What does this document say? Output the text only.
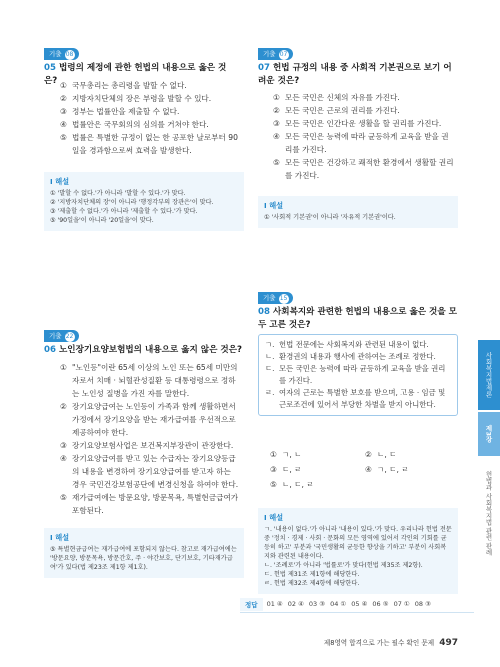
기출 08
05 법령의 제정에 관한 헌법의 내용으로 옳은 것은? ① 국무총리는 총리령을 발할 수 없다.
② 지방자치단체의 장은 부령을 발할 수 있다.
③ 정부는 법률안을 제출할 수 없다.
④ 법률안은 국무회의의 심의를 거쳐야 한다.
⑤ 법률은 특별한 규정이 없는 한 공포한 날로부터 90일을 경과함으로써 효력을 발생한다.
Ⅰ 해설
① '발할 수 없다.'가 아니라 '발할 수 있다.'가 맞다.
② '지방자치단체의 장'이 아니라 '행정각부의 장관은'이 맞다.
③ '제출할 수 없다.'가 아니라 '제출할 수 있다.'가 맞다.
⑤ '90일을'이 아니라 '20일을'이 맞다.
기출 07
07 헌법 규정의 내용 중 사회적 기본권으로 보기 어려운 것은?
① 모든 국민은 신체의 자유를 가진다.
② 모든 국민은 근로의 권리를 가진다.
③ 모든 국민은 인간다운 생활을 할 권리를 가진다.
④ 모든 국민은 능력에 따라 균등하게 교육을 받을 권리를 가진다.
⑤ 모든 국민은 건강하고 쾌적한 환경에서 생활할 권리를 가진다.
Ⅰ 해설
① '사회적 기본권'이 아니라 '자유적 기본권'이다.
기출 22
06 노인장기요양보험법의 내용으로 옳지 않은 것은?
① "노인등"이란 65세 이상의 노인 또는 65세 미만의 자로서 치매 · 뇌혈관성질환 등 대통령령으로 정하는 노인성 질병을 가진 자를 말한다.
② 장기요양급여는 노인등이 가족과 함께 생활하면서 가정에서 장기요양을 받는 재가급여를 우선적으로 제공하여야 한다.
③ 장기요양보험사업은 보건복지부장관이 관장한다.
④ 장기요양급여를 받고 있는 수급자는 장기요양등급의 내용을 변경하여 장기요양급여를 받고자 하는 경우 국민건강보험공단에 변경신청을 하여야 한다.
⑤ 재가급여에는 방문요양, 방문목욕, 특별현금급여가 포함된다.
Ⅰ 해설
⑤ 특별현금급여는 재가급여에 포함되지 않는다. 참고로 재가급여에는 '방문요양, 방문목욕, 방문간호, 주 · 야간보호, 단기보호, 기타재가급여'가 있다(법 제23조 제1항 제1호).
기출 15
08 사회복지와 관련한 헌법의 내용으로 옳은 것을 모두 고른 것은?
ㄱ. 헌법 전문에는 사회복지와 관련된 내용이 없다.
ㄴ. 환경권의 내용과 행사에 관하여는 조례로 정한다.
ㄷ. 모든 국민은 능력에 따라 균등하게 교육을 받을 권리를 가진다.
ㄹ. 여자의 근로는 특별한 보호를 받으며, 고용 · 임금 및 근로조건에 있어서 부당한 차별을 받지 아니한다.
① ㄱ, ㄴ	② ㄴ, ㄷ
③ ㄷ, ㄹ	④ ㄱ, ㄷ, ㄹ
⑤ ㄴ, ㄷ, ㄹ
Ⅰ 해설
ㄱ. '내용이 없다.'가 아니라 '내용이 있다.'가 맞다. 우리나라 헌법 전문 중 '정치 · 경제 · 사회 · 문화의 모든 영역에 있어서 각인의 기회를 균등히 하고' 부분과 '국민생활의 균등한 향상을 기하고' 부분이 사회복지와 관련된 내용이다.
ㄴ. '조례로'가 아니라 '법률로'가 맞다(헌법 제35조 제2항).
ㄷ. 헌법 제31조 제1항에 해당한다.
ㄹ. 헌법 제32조 제4항에 해당한다.
사회복지법제론
제3장
헌법과 사회복지법 관련 판례
정답	01 ④ 02 ④ 03 ③ 04 ① 05 ④ 06 ⑤ 07 ① 08 ③
제8영역 합격으로 가는 필수 확인 문제 497
